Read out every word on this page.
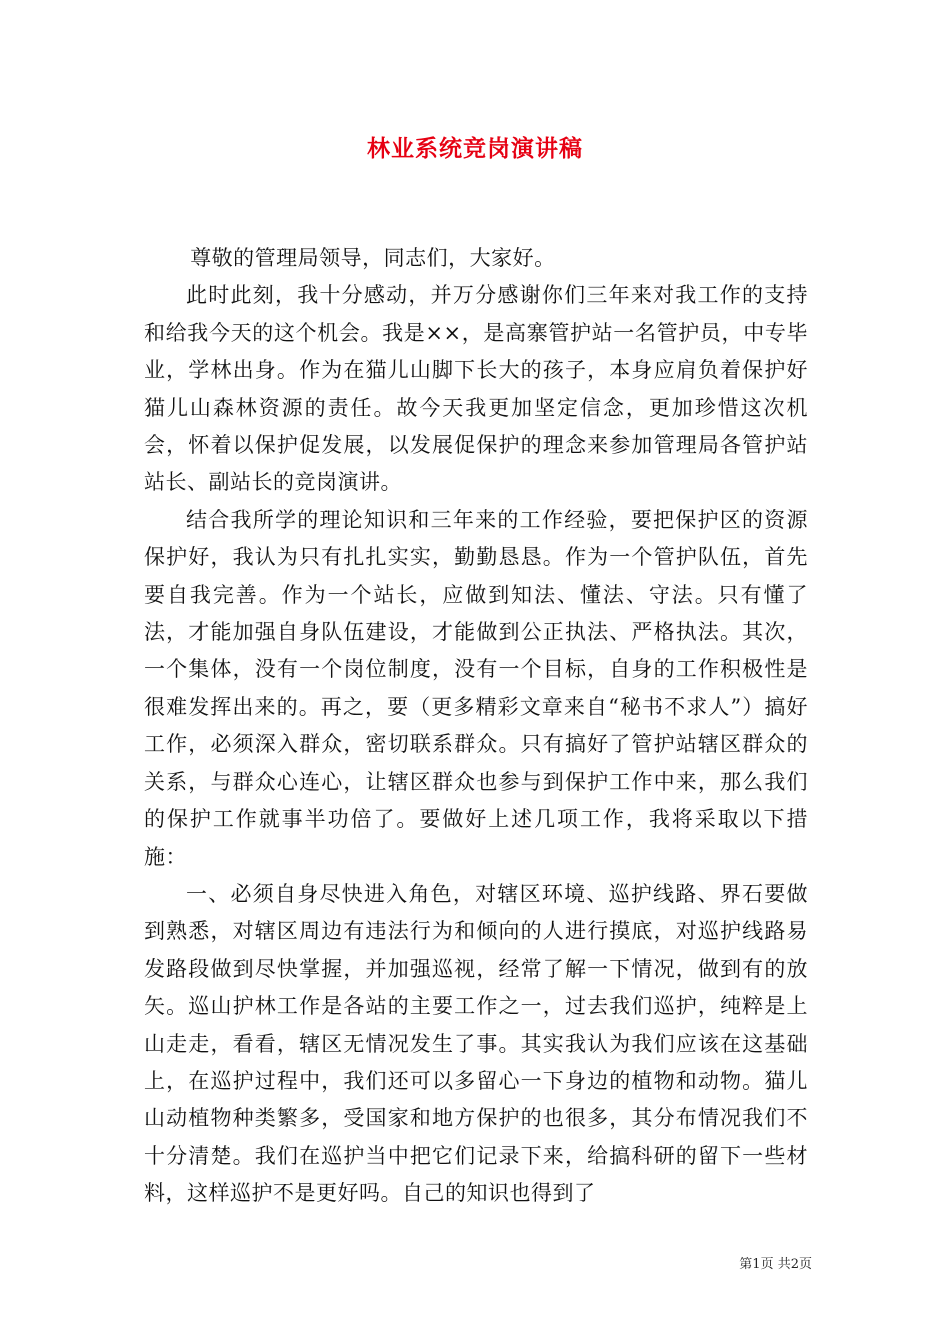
林业系统竞岗演讲稿

尊敬的管理局领导，同志们，大家好。

此时此刻，我十分感动，并万分感谢你们三年来对我工作的支持和给我今天的这个机会。我是××，是高寨管护站一名管护员，中专毕业，学林出身。作为在猫儿山脚下长大的孩子，本身应肩负着保护好猫儿山森林资源的责任。故今天我更加坚定信念，更加珍惜这次机会，怀着以保护促发展，以发展促保护的理念来参加管理局各管护站站长、副站长的竞岗演讲。

结合我所学的理论知识和三年来的工作经验，要把保护区的资源保护好，我认为只有扎扎实实，勤勤恳恳。作为一个管护队伍，首先要自我完善。作为一个站长，应做到知法、懂法、守法。只有懂了法，才能加强自身队伍建设，才能做到公正执法、严格执法。其次，一个集体，没有一个岗位制度，没有一个目标，自身的工作积极性是很难发挥出来的。再之，要（更多精彩文章来自“秘书不求人”）搞好工作，必须深入群众，密切联系群众。只有搞好了管护站辖区群众的关系，与群众心连心，让辖区群众也参与到保护工作中来，那么我们的保护工作就事半功倍了。要做好上述几项工作，我将采取以下措施：

一、必须自身尽快进入角色，对辖区环境、巡护线路、界石要做到熟悉，对辖区周边有违法行为和倾向的人进行摸底，对巡护线路易发路段做到尽快掌握，并加强巡视，经常了解一下情况，做到有的放矢。巡山护林工作是各站的主要工作之一，过去我们巡护，纯粹是上山走走，看看，辖区无情况发生了事。其实我认为我们应该在这基础上，在巡护过程中，我们还可以多留心一下身边的植物和动物。猫儿山动植物种类繁多，受国家和地方保护的也很多，其分布情况我们不十分清楚。我们在巡护当中把它们记录下来，给搞科研的留下一些材料，这样巡护不是更好吗。自己的知识也得到了

第1页 共2页
